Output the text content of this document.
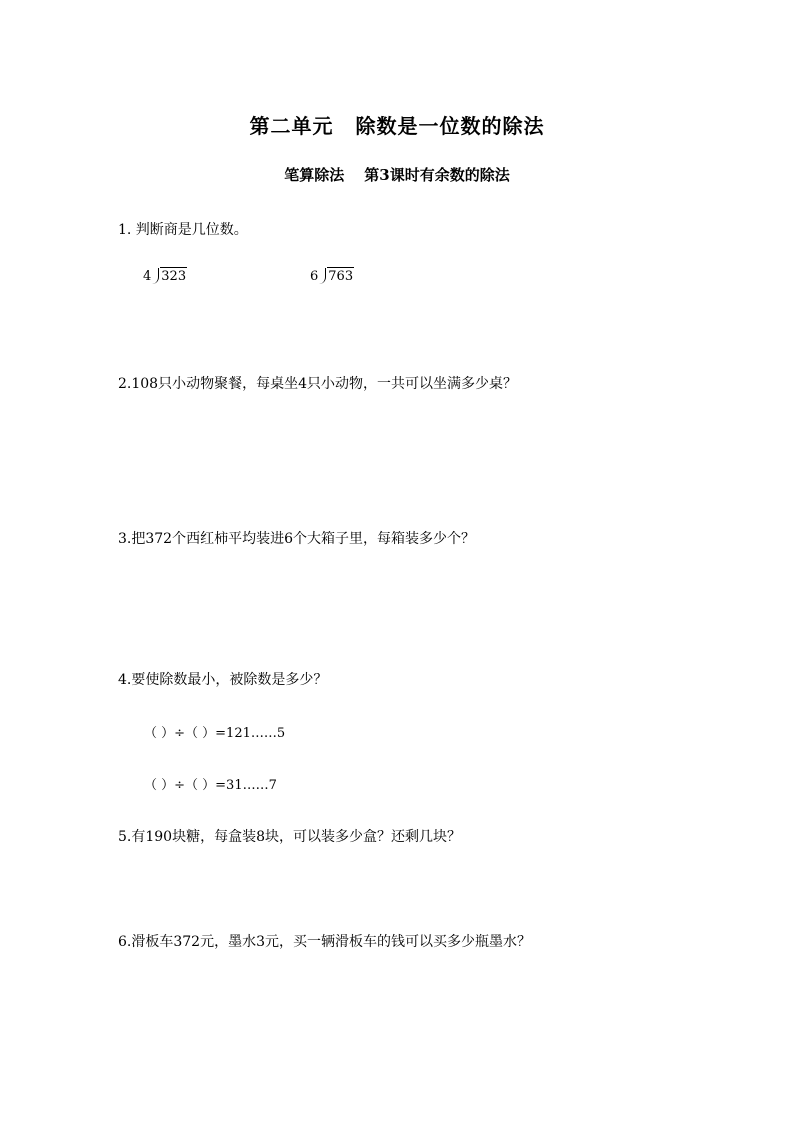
第二单元 除数是一位数的除法
笔算除法 第3课时有余数的除法
1. 判断商是几位数。
4 323	6 763
2.108只小动物聚餐，每桌坐4只小动物，一共可以坐满多少桌？
3.把372个西红柿平均装进6个大箱子里，每箱装多少个？
4.要使除数最小，被除数是多少？
（ ）÷（ ）=121……5
（ ）÷（ ）=31……7
5.有190块糖，每盒装8块，可以装多少盒？还剩几块？
6.滑板车372元，墨水3元，买一辆滑板车的钱可以买多少瓶墨水？
